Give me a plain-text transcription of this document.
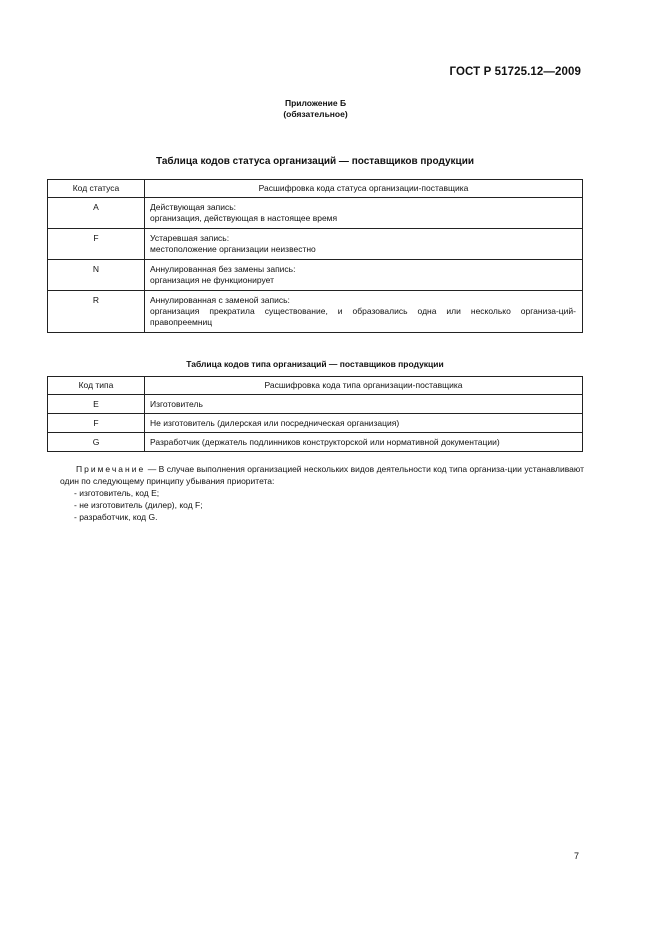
ГОСТ Р 51725.12—2009
Приложение Б
(обязательное)
Таблица кодов статуса организаций — поставщиков продукции
Код статуса	Расшифровка кода статуса организации-поставщика
A	Действующая запись:
организация, действующая в настоящее время

F	Устаревшая запись:
местоположение организации неизвестно

N	Аннулированная без замены запись:
организация не функционирует

R	Аннулированная с заменой запись:
организация прекратила существование, и образовались одна или несколько организа-ций-правопреемниц
Таблица кодов типа организаций — поставщиков продукции
Код типа	Расшифровка кода типа организации-поставщика
E	Изготовитель
F	Не изготовитель (дилерская или посредническая организация)
G	Разработчик (держатель подлинников конструкторской или нормативной документации)
Примечание — В случае выполнения организацией нескольких видов деятельности код типа организа-ции устанавливают один по следующему принципу убывания приоритета:
- изготовитель, код E;
- не изготовитель (дилер), код F;
- разработчик, код G.
7
